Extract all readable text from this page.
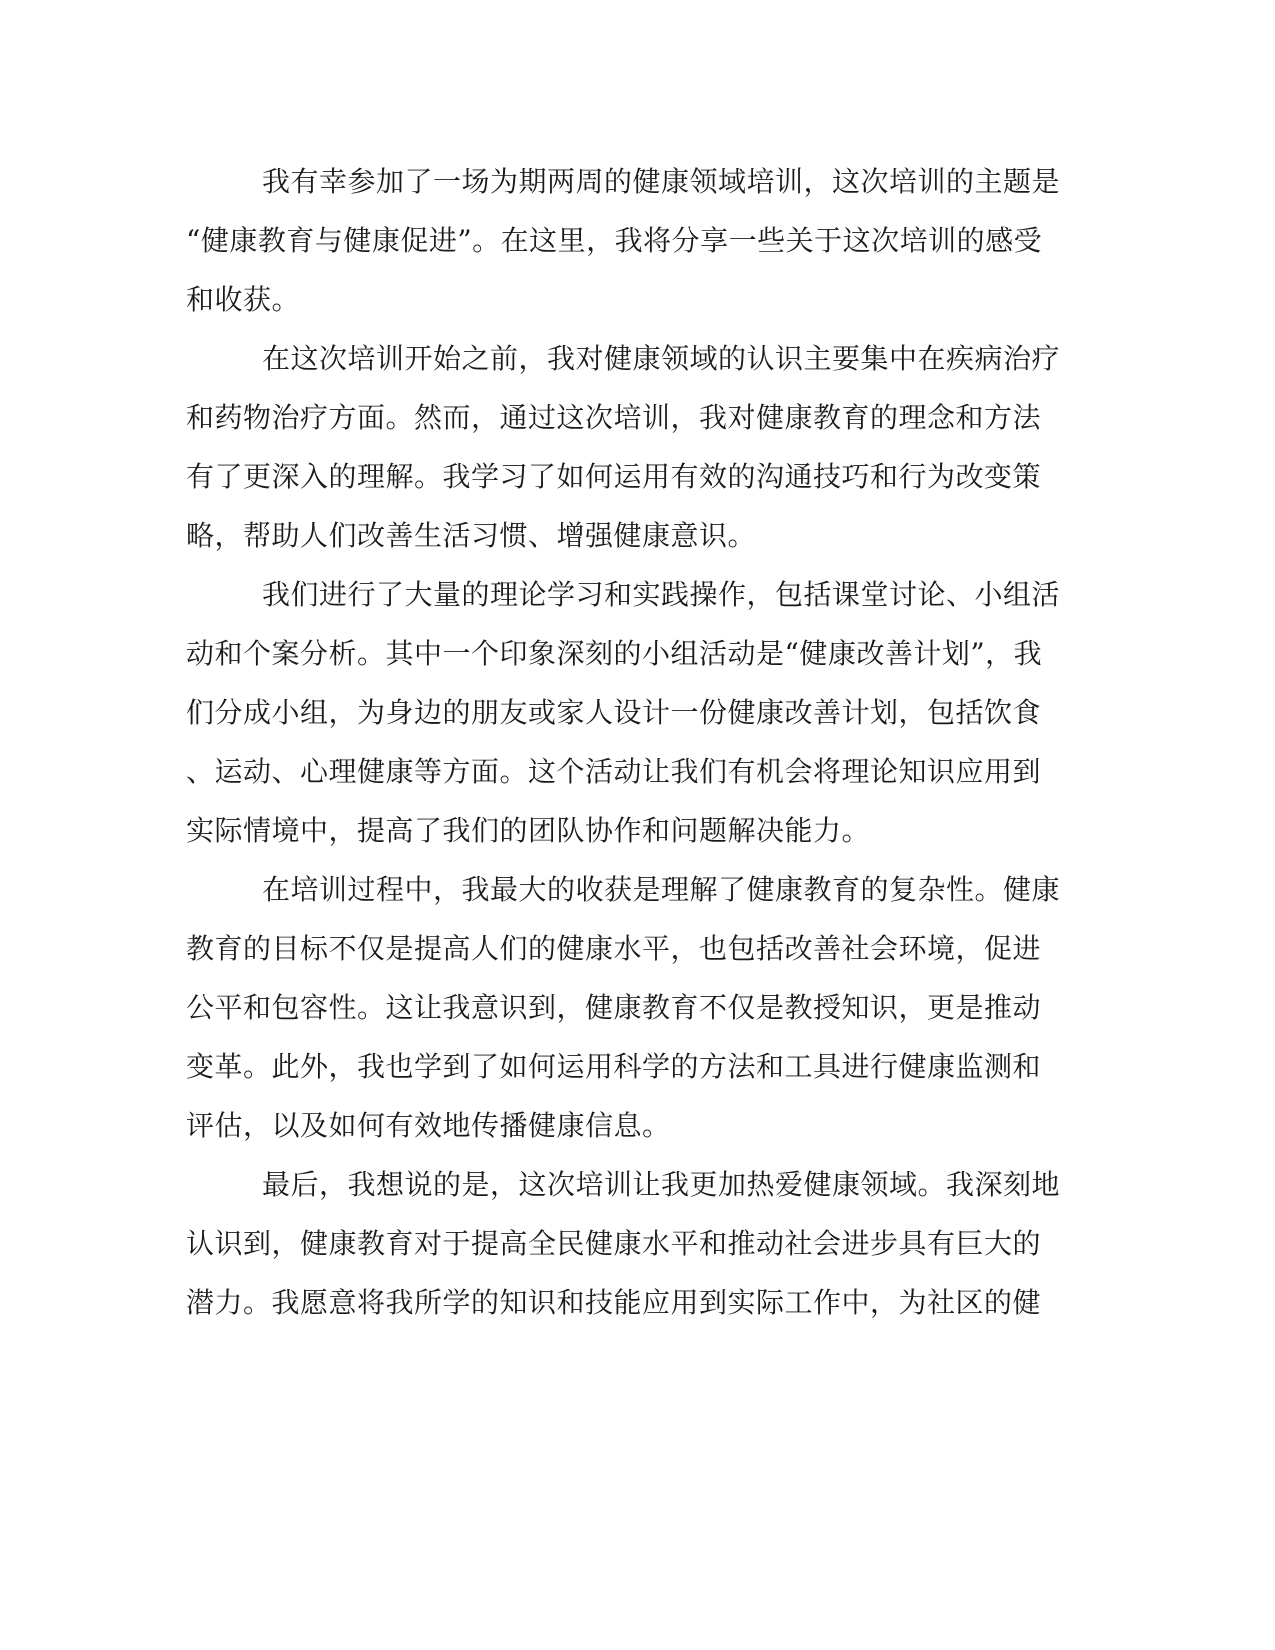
我有幸参加了一场为期两周的健康领域培训，这次培训的主题是

“健康教育与健康促进”。在这里，我将分享一些关于这次培训的感受

和收获。

在这次培训开始之前，我对健康领域的认识主要集中在疾病治疗

和药物治疗方面。然而，通过这次培训，我对健康教育的理念和方法

有了更深入的理解。我学习了如何运用有效的沟通技巧和行为改变策

略，帮助人们改善生活习惯、增强健康意识。

我们进行了大量的理论学习和实践操作，包括课堂讨论、小组活

动和个案分析。其中一个印象深刻的小组活动是“健康改善计划”，我

们分成小组，为身边的朋友或家人设计一份健康改善计划，包括饮食

、运动、心理健康等方面。这个活动让我们有机会将理论知识应用到

实际情境中，提高了我们的团队协作和问题解决能力。

在培训过程中，我最大的收获是理解了健康教育的复杂性。健康

教育的目标不仅是提高人们的健康水平，也包括改善社会环境，促进

公平和包容性。这让我意识到，健康教育不仅是教授知识，更是推动

变革。此外，我也学到了如何运用科学的方法和工具进行健康监测和

评估，以及如何有效地传播健康信息。

最后，我想说的是，这次培训让我更加热爱健康领域。我深刻地

认识到，健康教育对于提高全民健康水平和推动社会进步具有巨大的

潜力。我愿意将我所学的知识和技能应用到实际工作中，为社区的健
